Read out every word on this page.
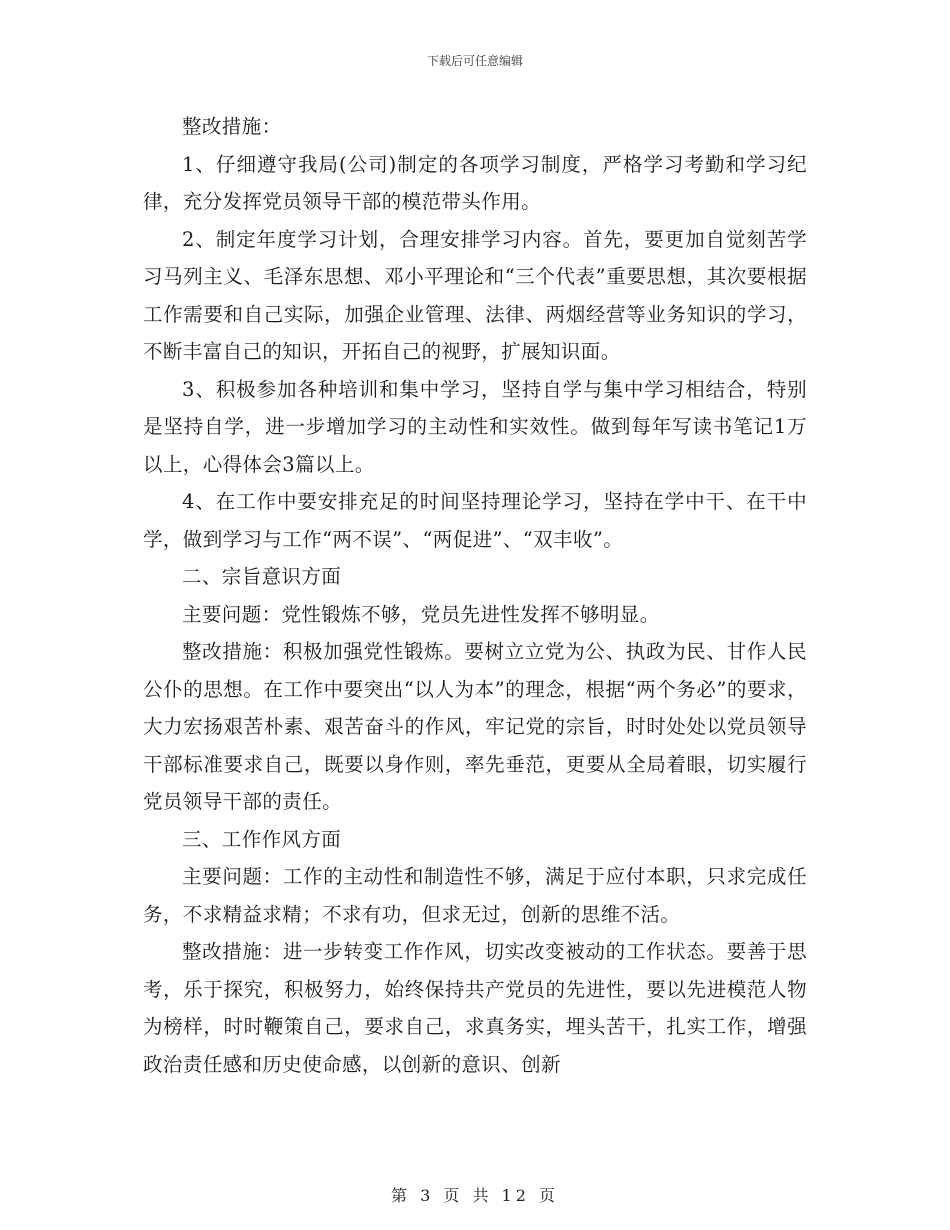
下载后可任意编辑

整改措施：

1、仔细遵守我局(公司)制定的各项学习制度，严格学习考勤和学习纪律，充分发挥党员领导干部的模范带头作用。

2、制定年度学习计划，合理安排学习内容。首先，要更加自觉刻苦学习马列主义、毛泽东思想、邓小平理论和“三个代表”重要思想，其次要根据工作需要和自己实际，加强企业管理、法律、两烟经营等业务知识的学习，不断丰富自己的知识，开拓自己的视野，扩展知识面。

3、积极参加各种培训和集中学习，坚持自学与集中学习相结合，特别是坚持自学，进一步增加学习的主动性和实效性。做到每年写读书笔记1万以上，心得体会3篇以上。

4、在工作中要安排充足的时间坚持理论学习，坚持在学中干、在干中学，做到学习与工作“两不误”、“两促进”、“双丰收”。

二、宗旨意识方面

主要问题：党性锻炼不够，党员先进性发挥不够明显。

整改措施：积极加强党性锻炼。要树立立党为公、执政为民、甘作人民公仆的思想。在工作中要突出“以人为本”的理念，根据“两个务必”的要求，大力宏扬艰苦朴素、艰苦奋斗的作风，牢记党的宗旨，时时处处以党员领导干部标准要求自己，既要以身作则，率先垂范，更要从全局着眼，切实履行党员领导干部的责任。

三、工作作风方面

主要问题：工作的主动性和制造性不够，满足于应付本职，只求完成任务，不求精益求精；不求有功，但求无过，创新的思维不活。

整改措施：进一步转变工作作风，切实改变被动的工作状态。要善于思考，乐于探究，积极努力，始终保持共产党员的先进性，要以先进模范人物为榜样，时时鞭策自己，要求自己，求真务实，埋头苦干，扎实工作，增强政治责任感和历史使命感，以创新的意识、创新

第 3 页 共 12 页
